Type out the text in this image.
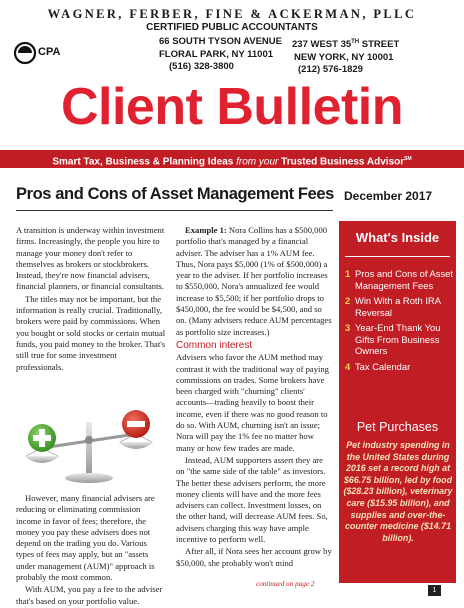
WAGNER, FERBER, FINE & ACKERMAN, PLLC
CERTIFIED PUBLIC ACCOUNTANTS
CPA
66 SOUTH TYSON AVENUE
FLORAL PARK, NY 11001
(516) 328-3800
237 WEST 35TH STREET
NEW YORK, NY 10001
(212) 576-1829
Client Bulletin
Smart Tax, Business & Planning Ideas from your Trusted Business Advisor℠
Pros and Cons of Asset Management Fees December 2017

A transition is underway within investment firms. Increasingly, the people you hire to manage your money don't refer to themselves as brokers or stockbrokers. Instead, they're now financial advisers, financial planners, or financial consultants.

The titles may not be important, but the information is really crucial. Traditionally, brokers were paid by commissions. When you bought or sold stocks or certain mutual funds, you paid money to the broker. That's still true for some investment professionals.

However, many financial advisers are reducing or eliminating commission income in favor of fees; therefore, the money you pay these advisers does not depend on the trading you do. Various types of fees may apply, but an "assets under management (AUM)" approach is probably the most common.

With AUM, you pay a fee to the adviser that's based on your portfolio value.

Example 1: Nora Collins has a $500,000 portfolio that's managed by a financial adviser. The adviser has a 1% AUM fee. Thus, Nora pays $5,000 (1% of $500,000) a year to the adviser. If her portfolio increases to $550,000, Nora's annualized fee would increase to $5,500; if her portfolio drops to $450,000, the fee would be $4,500, and so on. (Many advisers reduce AUM percentages as portfolio size increases.)

Common interest

Advisers who favor the AUM method may contrast it with the traditional way of paying commissions on trades. Some brokers have been charged with "churning" clients' accounts—trading heavily to boost their income, even if there was no good reason to do so. With AUM, churning isn't an issue; Nora will pay the 1% fee no matter how many or how few trades are made.

Instead, AUM supporters assert they are on "the same side of the table" as investors. The better these advisers perform, the more money clients will have and the more fees advisers can collect. Investment losses, on the other hand, will decrease AUM fees. So, advisers charging this way have ample incentive to perform well.

After all, if Nora sees her account grow by $50,000, she probably won't mind

continued on page 2
What's Inside
1 Pros and Cons of Asset Management Fees
2 Win With a Roth IRA Reversal
3 Year-End Thank You Gifts From Business Owners
4 Tax Calendar
Pet Purchases
Pet industry spending in the United States during 2016 set a record high at $66.75 billion, led by food ($28.23 billion), veterinary care ($15.95 billion), and supplies and over-the-counter medicine ($14.71 billion).
1
